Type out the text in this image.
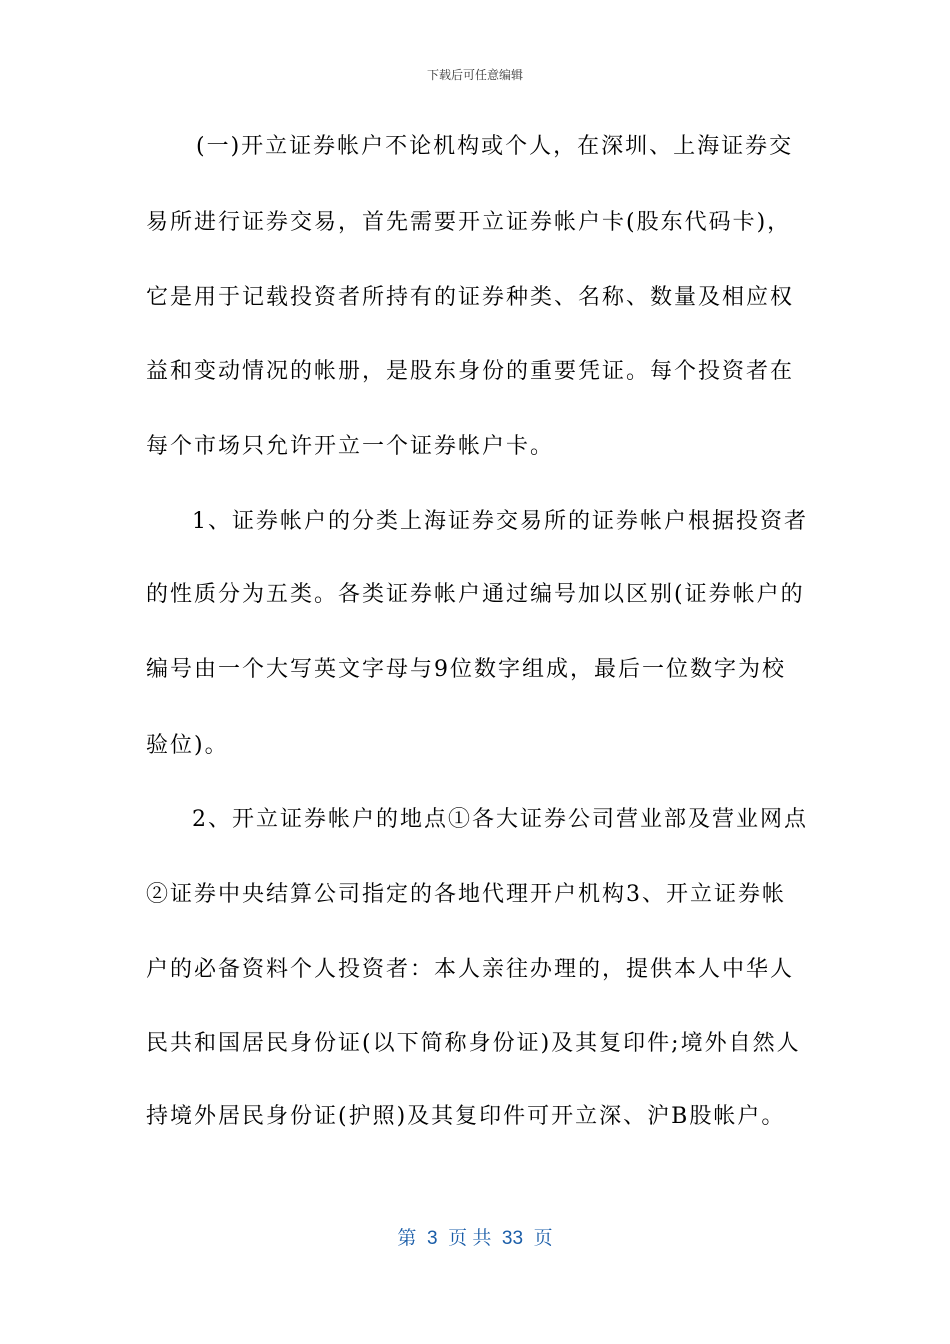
下载后可任意编辑
(一)开立证券帐户不论机构或个人，在深圳、上海证券交
易所进行证券交易，首先需要开立证券帐户卡(股东代码卡)，
它是用于记载投资者所持有的证券种类、名称、数量及相应权
益和变动情况的帐册，是股东身份的重要凭证。每个投资者在
每个市场只允许开立一个证券帐户卡。
1、证券帐户的分类上海证券交易所的证券帐户根据投资者
的性质分为五类。各类证券帐户通过编号加以区别(证券帐户的
编号由一个大写英文字母与9位数字组成，最后一位数字为校
验位)。
2、开立证券帐户的地点①各大证券公司营业部及营业网点
②证券中央结算公司指定的各地代理开户机构3、开立证券帐
户的必备资料个人投资者：本人亲往办理的，提供本人中华人
民共和国居民身份证(以下简称身份证)及其复印件;境外自然人
持境外居民身份证(护照)及其复印件可开立深、沪B股帐户。
第  3  页 共  33  页
